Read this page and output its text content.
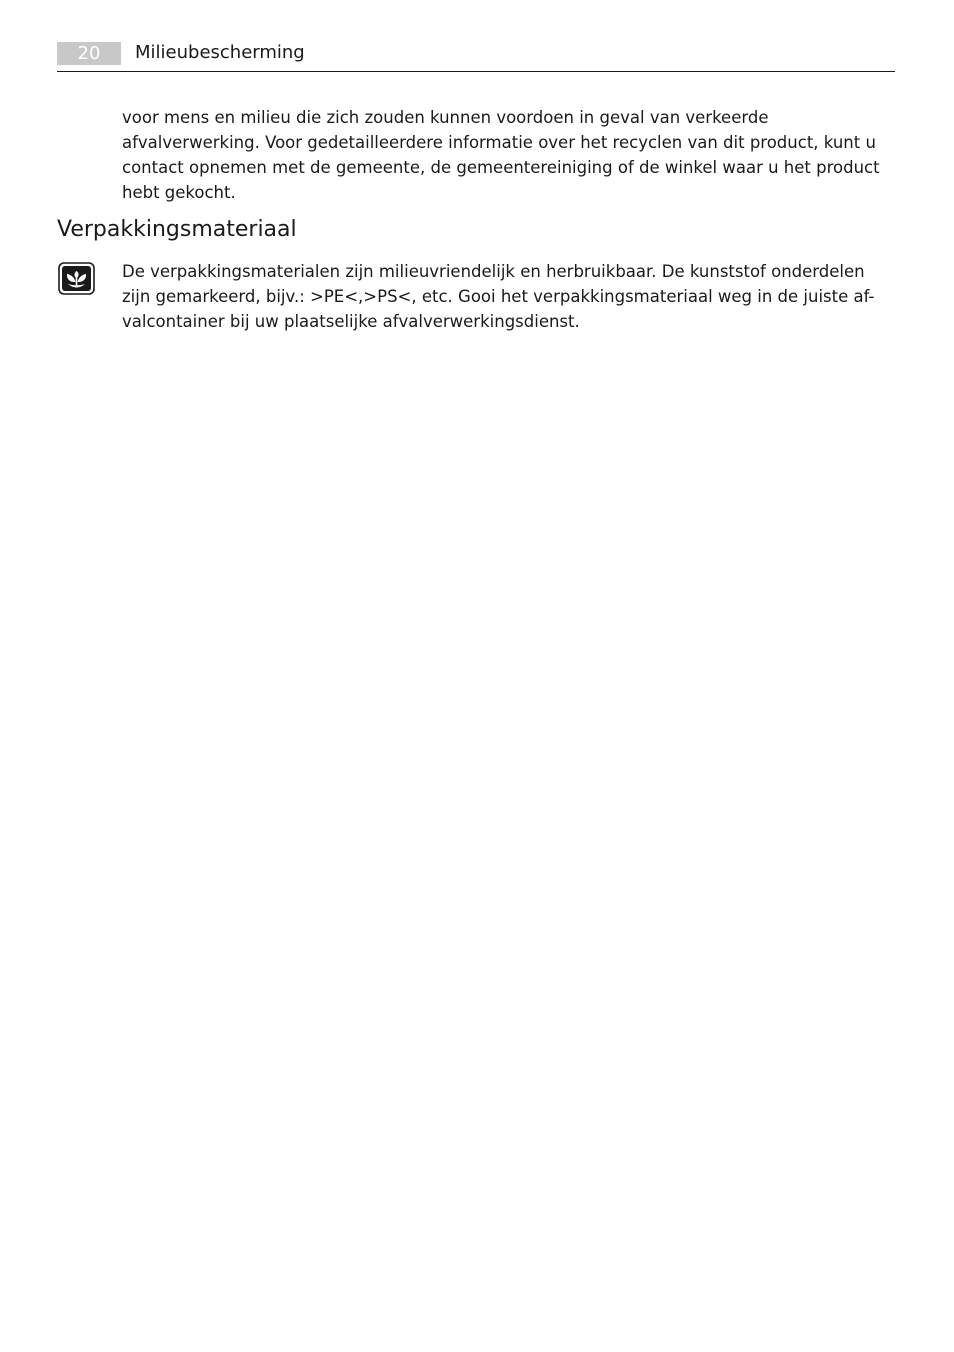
20	Milieubescherming

voor mens en milieu die zich zouden kunnen voordoen in geval van verkeerde
afvalverwerking. Voor gedetailleerdere informatie over het recyclen van dit product, kunt u
contact opnemen met de gemeente, de gemeentereiniging of de winkel waar u het product
hebt gekocht.

Verpakkingsmateriaal

De verpakkingsmaterialen zijn milieuvriendelijk en herbruikbaar. De kunststof onderdelen
zijn gemarkeerd, bijv.: >PE<,>PS<, etc. Gooi het verpakkingsmateriaal weg in de juiste af-
valcontainer bij uw plaatselijke afvalverwerkingsdienst.
